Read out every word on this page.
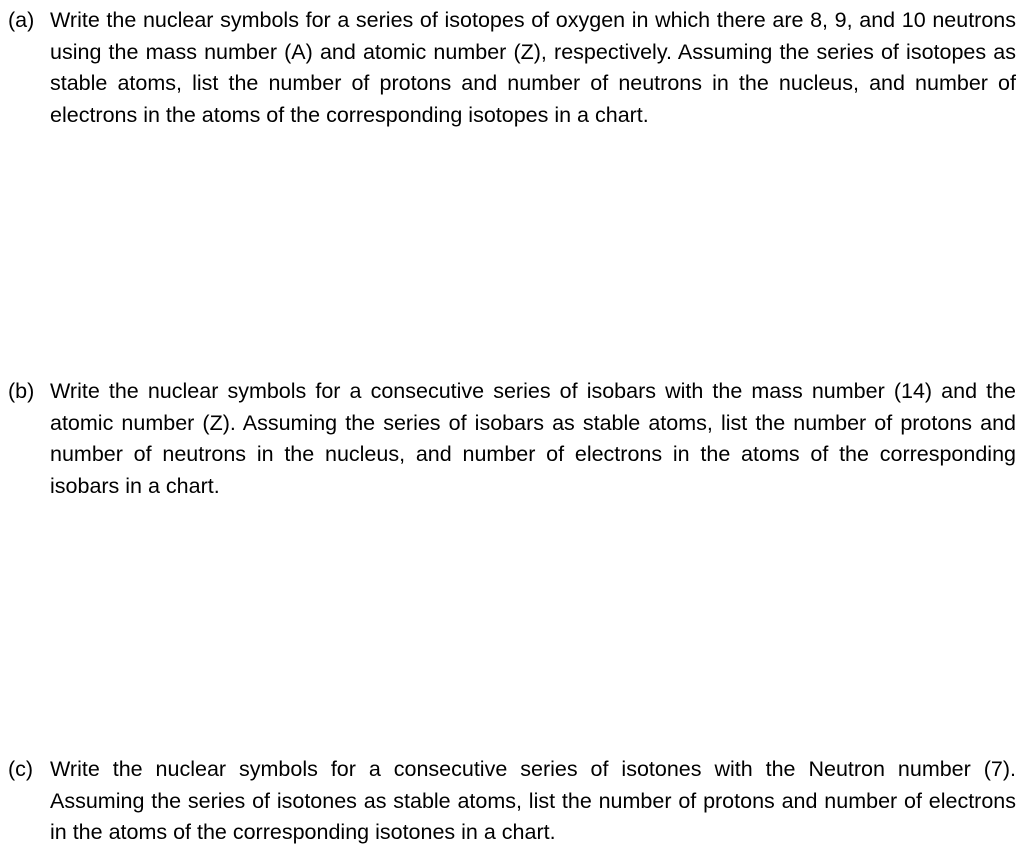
(a) Write the nuclear symbols for a series of isotopes of oxygen in which there are 8, 9, and 10 neutrons using the mass number (A) and atomic number (Z), respectively. Assuming the series of isotopes as stable atoms, list the number of protons and number of neutrons in the nucleus, and number of electrons in the atoms of the corresponding isotopes in a chart.
(b) Write the nuclear symbols for a consecutive series of isobars with the mass number (14) and the atomic number (Z). Assuming the series of isobars as stable atoms, list the number of protons and number of neutrons in the nucleus, and number of electrons in the atoms of the corresponding isobars in a chart.
(c) Write the nuclear symbols for a consecutive series of isotones with the Neutron number (7). Assuming the series of isotones as stable atoms, list the number of protons and number of electrons in the atoms of the corresponding isotones in a chart.
